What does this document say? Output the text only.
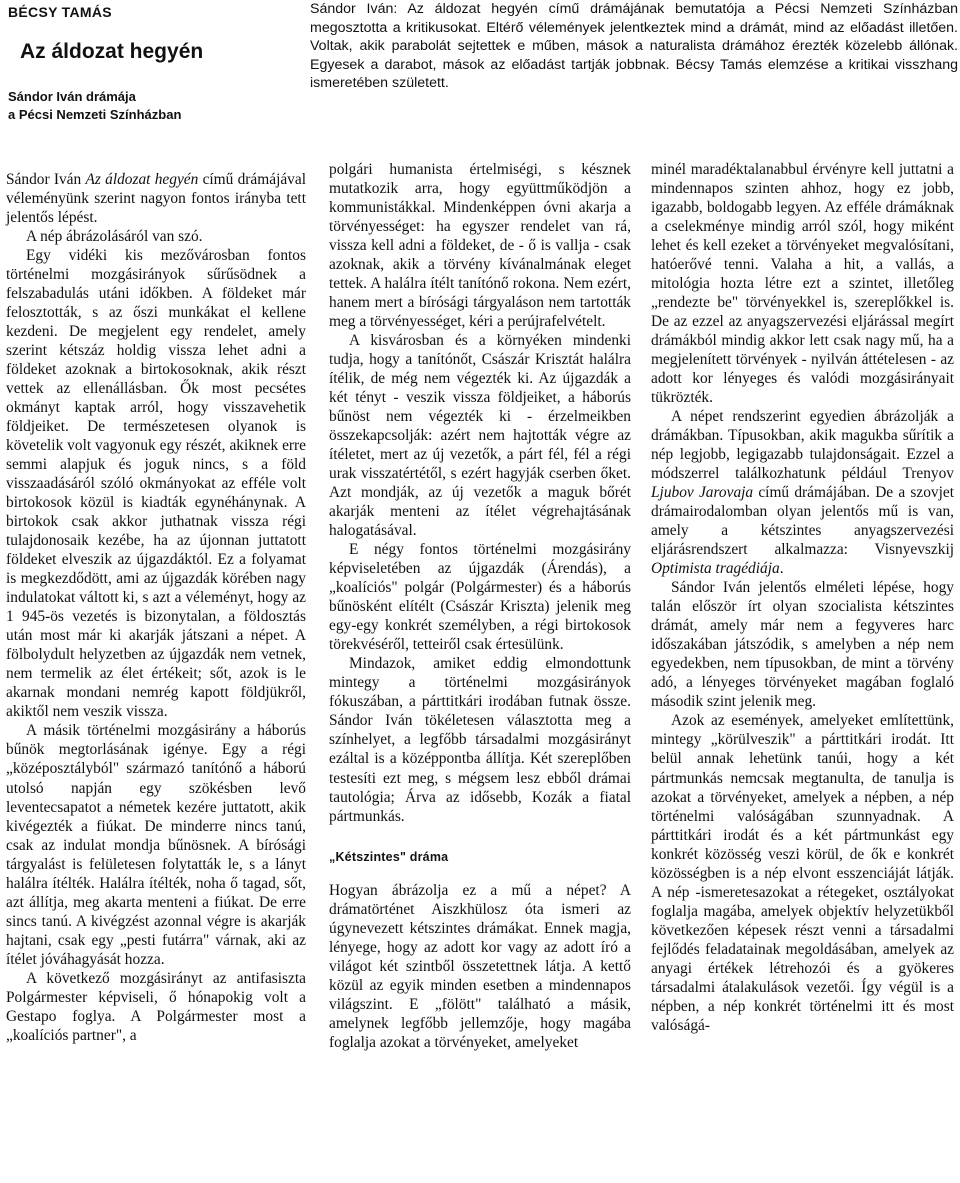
BÉCSY TAMÁS
Az áldozat hegyén
Sándor Iván drámája
a Pécsi Nemzeti Színházban
Sándor Iván: Az áldozat hegyén című drámájának bemutatója a Pécsi Nemzeti Színházban megosztotta a kritikusokat. Eltérő vélemények jelentkeztek mind a drámát, mind az előadást illetően. Voltak, akik parabolát sejtettek e műben, mások a naturalista drámához érezték közelebb állónak. Egyesek a darabot, mások az előadást tartják jobbnak. Bécsy Tamás elemzése a kritikai visszhang ismeretében született.

Sándor Iván Az áldozat hegyén című drámájával véleményünk szerint nagyon fontos irányba tett jelentős lépést.

A nép ábrázolásáról van szó.

Egy vidéki kis mezővárosban fontos történelmi mozgásirányok sűrűsödnek a felszabadulás utáni időkben. A földeket már felosztották, s az őszi munkákat el kellene kezdeni. De megjelent egy rendelet, amely szerint kétszáz holdig vissza lehet adni a földeket azoknak a birtokosoknak, akik részt vettek az ellenállásban. Ők most pecsétes okmányt kaptak arról, hogy visszavehetik földjeiket. De természetesen olyanok is követelik volt vagyonuk egy részét, akiknek erre semmi alapjuk és joguk nincs, s a föld visszaadásáról szóló okmányokat az efféle volt birtokosok közül is kiadták egynéhánynak. A birtokok csak akkor juthatnak vissza régi tulajdonosaik kezébe, ha az újonnan juttatott földeket elveszik az újgazdáktól. Ez a folyamat is megkezdődött, ami az újgazdák körében nagy indulatokat váltott ki, s azt a véleményt, hogy az 1 945-ös vezetés is bizonytalan, a földosztás után most már ki akarják játszani a népet. A fölbolydult helyzetben az újgazdák nem vetnek, nem termelik az élet értékeit; sőt, azok is le akarnak mondani nemrég kapott földjükről, akiktől nem veszik vissza.

A másik történelmi mozgásirány a háborús bűnök megtorlásának igénye. Egy a régi „középosztályból" származó tanítónő a háború utolsó napján egy szökésben levő leventecsapatot a németek kezére juttatott, akik kivégezték a fiúkat. De minderre nincs tanú, csak az indulat mondja bűnösnek. A bírósági tárgyalást is felületesen folytatták le, s a lányt halálra ítélték. Halálra ítélték, noha ő tagad, sőt, azt állítja, meg akarta menteni a fiúkat. De erre sincs tanú. A kivégzést azonnal végre is akarják hajtani, csak egy „pesti futárra" várnak, aki az ítélet jóváhagyását hozza.

A következő mozgásirányt az antifasiszta Polgármester képviseli, ő hónapokig volt a Gestapo foglya. A Polgármester most a „koalíciós partner", a

polgári humanista értelmiségi, s késznek mutatkozik arra, hogy együttműködjön a kommunistákkal. Mindenképpen óvni akarja a törvényességet: ha egyszer rendelet van rá, vissza kell adni a földeket, de - ő is vallja - csak azoknak, akik a törvény kívánalmának eleget tettek. A halálra ítélt tanítónő rokona. Nem ezért, hanem mert a bírósági tárgyaláson nem tartották meg a törvényességet, kéri a perújrafelvételt.

A kisvárosban és a környéken mindenki tudja, hogy a tanítónőt, Császár Krisztát halálra ítélik, de még nem végezték ki. Az újgazdák a két tényt - veszik vissza földjeiket, a háborús bűnöst nem végezték ki - érzelmeikben összekapcsolják: azért nem hajtották végre az ítéletet, mert az új vezetők, a párt fél, fél a régi urak visszatértétől, s ezért hagyják cserben őket. Azt mondják, az új vezetők a maguk bőrét akarják menteni az ítélet végrehajtásának halogatásával.

E négy fontos történelmi mozgásirány képviseletében az újgazdák (Árendás), a „koalíciós" polgár (Polgármester) és a háborús bűnösként elítélt (Császár Kriszta) jelenik meg egy-egy konkrét személyben, a régi birtokosok törekvéséről, tetteiről csak értesülünk.

Mindazok, amiket eddig elmondottunk mintegy a történelmi mozgásirányok fókuszában, a párttitkári irodában futnak össze. Sándor Iván tökéletesen választotta meg a színhelyet, a legfőbb társadalmi mozgásirányt ezáltal is a középpontba állítja. Két szereplőben testesíti ezt meg, s mégsem lesz ebből drámai tautológia; Árva az idősebb, Kozák a fiatal pártmunkás.

„Kétszintes" dráma

Hogyan ábrázolja ez a mű a népet? A drámatörténet Aiszkhülosz óta ismeri az úgynevezett kétszintes drámákat. Ennek magja, lényege, hogy az adott kor vagy az adott író a világot két szintből összetettnek látja. A kettő közül az egyik minden esetben a mindennapos világszint. E „fölött" található a másik, amelynek legfőbb jellemzője, hogy magába foglalja azokat a törvényeket, amelyeket

minél maradéktalanabbul érvényre kell juttatni a mindennapos szinten ahhoz, hogy ez jobb, igazabb, boldogabb legyen. Az efféle drámáknak a cselekménye mindig arról szól, hogy miként lehet és kell ezeket a törvényeket megvalósítani, hatóerővé tenni. Valaha a hit, a vallás, a mitológia hozta létre ezt a szintet, illetőleg „rendezte be" törvényekkel is, szereplőkkel is. De az ezzel az anyagszervezési eljárással megírt drámákból mindig akkor lett csak nagy mű, ha a megjelenített törvények - nyilván áttételesen - az adott kor lényeges és valódi mozgásirányait tükrözték.

A népet rendszerint egyedien ábrázolják a drámákban. Típusokban, akik magukba sűrítik a nép legjobb, legigazabb tulajdonságait. Ezzel a módszerrel találkozhatunk például Trenyov Ljubov Jarovaja című drámájában. De a szovjet drámairodalomban olyan jelentős mű is van, amely a kétszintes anyagszervezési eljárásrendszert alkalmazza: Visnyevszkij Optimista tragédiája.

Sándor Iván jelentős elméleti lépése, hogy talán először írt olyan szocialista kétszintes drámát, amely már nem a fegyveres harc időszakában játszódik, s amelyben a nép nem egyedekben, nem típusokban, de mint a törvény adó, a lényeges törvényeket magában foglaló második szint jelenik meg.

Azok az események, amelyeket említettünk, mintegy „körülveszik" a párttitkári irodát. Itt belül annak lehetünk tanúi, hogy a két pártmunkás nemcsak megtanulta, de tanulja is azokat a törvényeket, amelyek a népben, a nép történelmi valóságában szunnyadnak. A párttitkári irodát és a két pártmunkást egy konkrét közösség veszi körül, de ők e konkrét közösségben is a nép elvont esszenciáját látják. A nép -ismeretesazokat a rétegeket, osztályokat foglalja magába, amelyek objektív helyzetükből következően képesek részt venni a társadalmi fejlődés feladatainak megoldásában, amelyek az anyagi értékek létrehozói és a gyökeres társadalmi átalakulások vezetői. Így végül is a népben, a nép konkrét történelmi itt és most valóságá-
